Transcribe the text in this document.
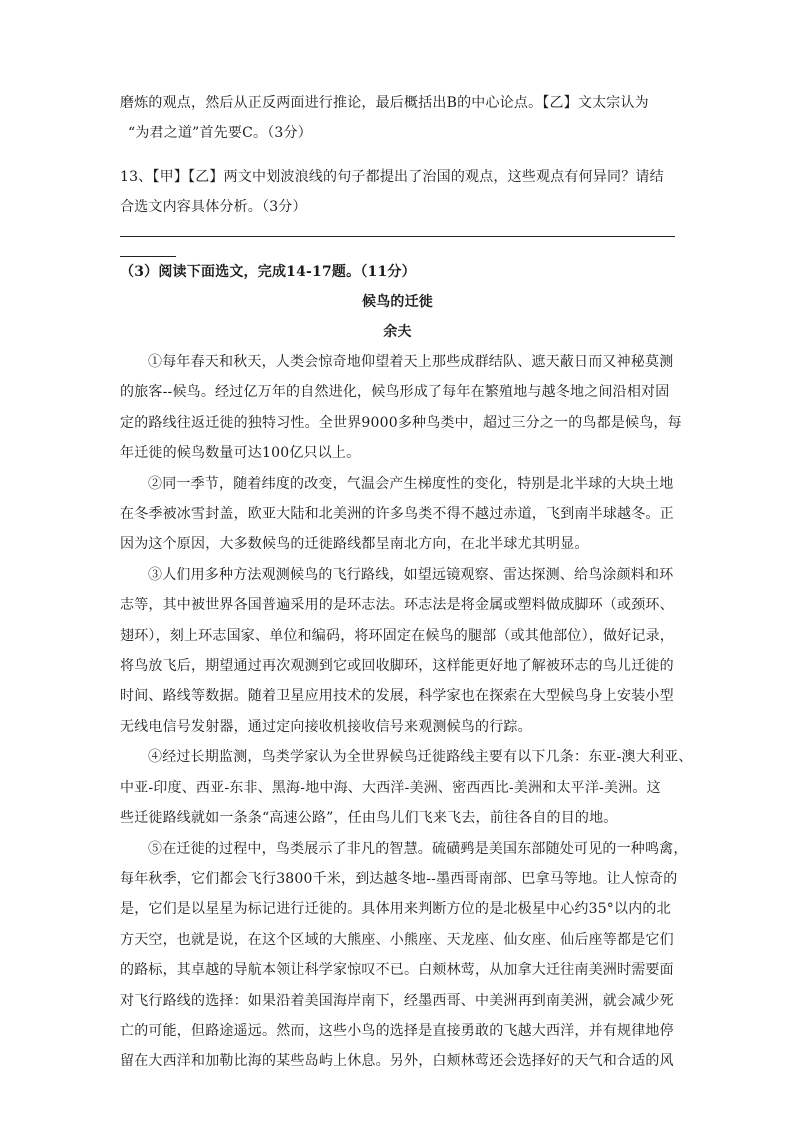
磨炼的观点，然后从正反两面进行推论，最后概括出B的中心论点。【乙】文太宗认为
“为君之道”首先要C。（3分）
13、【甲】【乙】两文中划波浪线的句子都提出了治国的观点，这些观点有何异同？请结
合选文内容具体分析。（3分）
（3）阅读下面选文，完成14-17题。（11分）
候鸟的迁徙
余夫
①每年春天和秋天，人类会惊奇地仰望着天上那些成群结队、遮天蔽日而又神秘莫测
的旅客--候鸟。经过亿万年的自然进化，候鸟形成了每年在繁殖地与越冬地之间沿相对固
定的路线往返迁徙的独特习性。全世界9000多种鸟类中，超过三分之一的鸟都是候鸟，每
年迁徙的候鸟数量可达100亿只以上。
②同一季节，随着纬度的改变，气温会产生梯度性的变化，特别是北半球的大块土地
在冬季被冰雪封盖，欧亚大陆和北美洲的许多鸟类不得不越过赤道，飞到南半球越冬。正
因为这个原因，大多数候鸟的迁徙路线都呈南北方向，在北半球尤其明显。
③人们用多种方法观测候鸟的飞行路线，如望远镜观察、雷达探测、给鸟涂颜料和环
志等，其中被世界各国普遍采用的是环志法。环志法是将金属或塑料做成脚环（或颈环、
翅环），刻上环志国家、单位和编码，将环固定在候鸟的腿部（或其他部位），做好记录，
将鸟放飞后，期望通过再次观测到它或回收脚环，这样能更好地了解被环志的鸟儿迁徙的
时间、路线等数据。随着卫星应用技术的发展，科学家也在探索在大型候鸟身上安装小型
无线电信号发射器，通过定向接收机接收信号来观测候鸟的行踪。
④经过长期监测，鸟类学家认为全世界候鸟迁徙路线主要有以下几条：东亚-澳大利亚、
中亚-印度、西亚-东非、黑海-地中海、大西洋-美洲、密西西比-美洲和太平洋-美洲。这
些迁徙路线就如一条条“高速公路”，任由鸟儿们飞来飞去，前往各自的目的地。
⑤在迁徙的过程中，鸟类展示了非凡的智慧。硫磺鹀是美国东部随处可见的一种鸣禽，
每年秋季，它们都会飞行3800千米，到达越冬地--墨西哥南部、巴拿马等地。让人惊奇的
是，它们是以星星为标记进行迁徙的。具体用来判断方位的是北极星中心约35°以内的北
方天空，也就是说，在这个区域的大熊座、小熊座、天龙座、仙女座、仙后座等都是它们
的路标，其卓越的导航本领让科学家惊叹不已。白颊林莺，从加拿大迁往南美洲时需要面
对飞行路线的选择：如果沿着美国海岸南下，经墨西哥、中美洲再到南美洲，就会减少死
亡的可能，但路途遥远。然而，这些小鸟的选择是直接勇敢的飞越大西洋，并有规律地停
留在大西洋和加勒比海的某些岛屿上休息。另外，白颊林莺还会选择好的天气和合适的风
